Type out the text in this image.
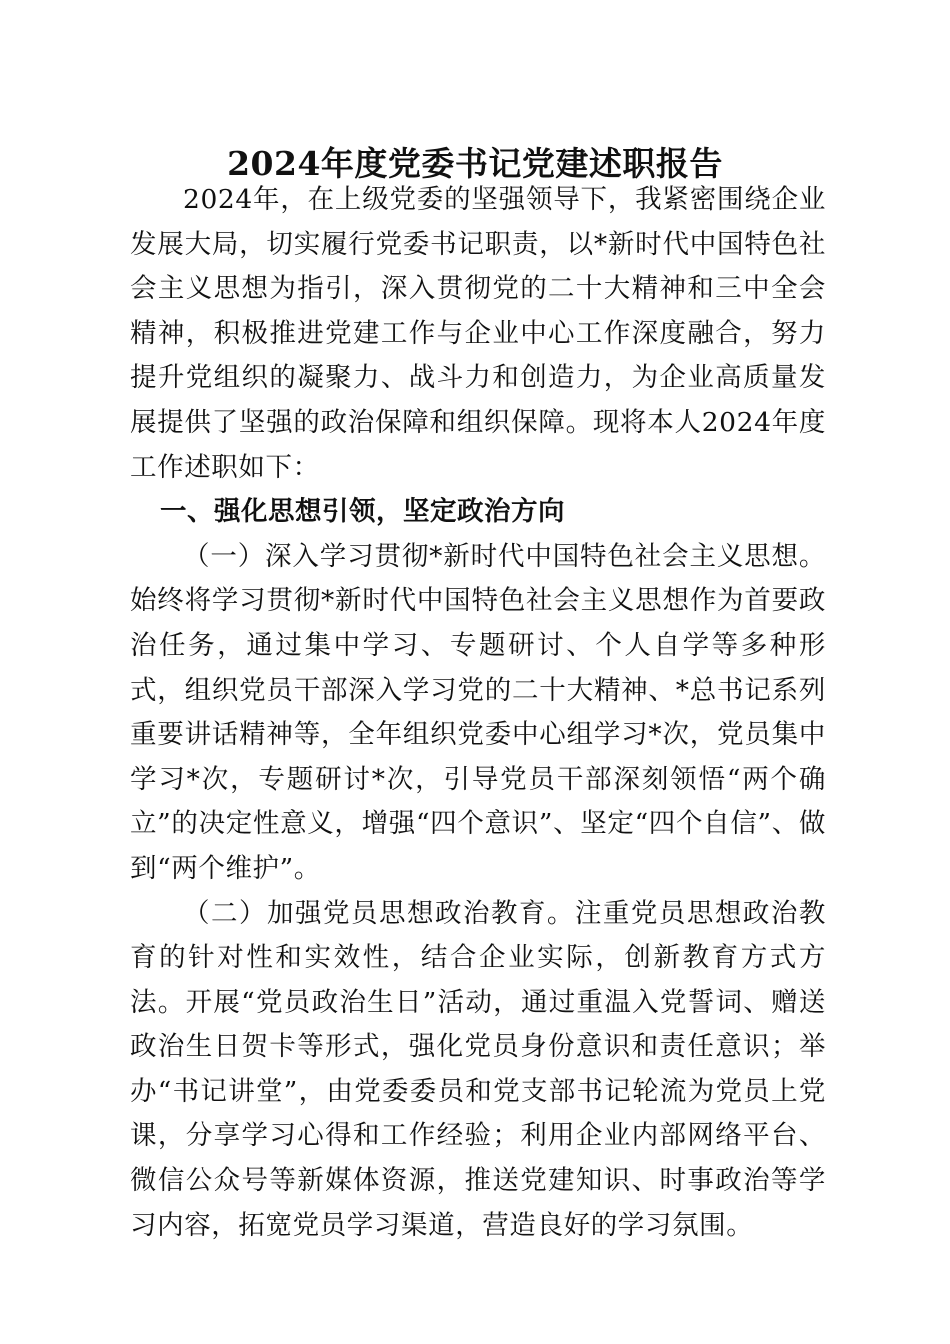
2024年度党委书记党建述职报告

2024年，在上级党委的坚强领导下，我紧密围绕企业发展大局，切实履行党委书记职责，以*新时代中国特色社会主义思想为指引，深入贯彻党的二十大精神和三中全会精神，积极推进党建工作与企业中心工作深度融合，努力提升党组织的凝聚力、战斗力和创造力，为企业高质量发展提供了坚强的政治保障和组织保障。现将本人2024年度工作述职如下：

一、强化思想引领，坚定政治方向

（一）深入学习贯彻*新时代中国特色社会主义思想。始终将学习贯彻*新时代中国特色社会主义思想作为首要政治任务，通过集中学习、专题研讨、个人自学等多种形式，组织党员干部深入学习党的二十大精神、*总书记系列重要讲话精神等，全年组织党委中心组学习*次，党员集中学习*次，专题研讨*次，引导党员干部深刻领悟“两个确立”的决定性意义，增强“四个意识”、坚定“四个自信”、做到“两个维护”。

（二）加强党员思想政治教育。注重党员思想政治教育的针对性和实效性，结合企业实际，创新教育方式方法。开展“党员政治生日”活动，通过重温入党誓词、赠送政治生日贺卡等形式，强化党员身份意识和责任意识；举办“书记讲堂”，由党委委员和党支部书记轮流为党员上党课，分享学习心得和工作经验；利用企业内部网络平台、微信公众号等新媒体资源，推送党建知识、时事政治等学习内容，拓宽党员学习渠道，营造良好的学习氛围。
